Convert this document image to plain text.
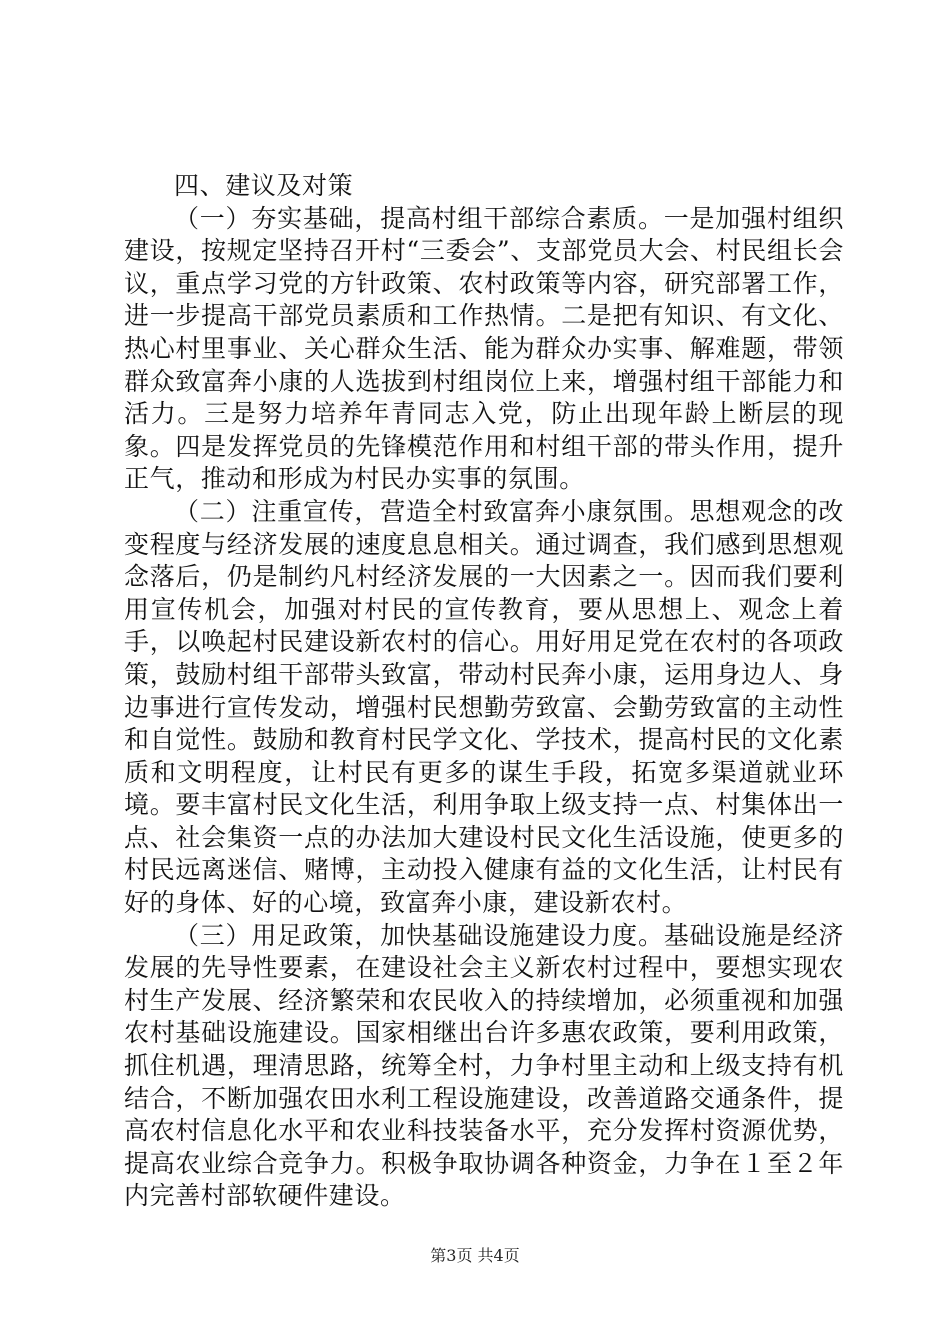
四、建议及对策

（一）夯实基础，提高村组干部综合素质。一是加强村组织建设，按规定坚持召开村“三委会”、支部党员大会、村民组长会议，重点学习党的方针政策、农村政策等内容，研究部署工作，进一步提高干部党员素质和工作热情。二是把有知识、有文化、热心村里事业、关心群众生活、能为群众办实事、解难题，带领群众致富奔小康的人选拔到村组岗位上来，增强村组干部能力和活力。三是努力培养年青同志入党，防止出现年龄上断层的现象。四是发挥党员的先锋模范作用和村组干部的带头作用，提升正气，推动和形成为村民办实事的氛围。

（二）注重宣传，营造全村致富奔小康氛围。思想观念的改变程度与经济发展的速度息息相关。通过调查，我们感到思想观念落后，仍是制约凡村经济发展的一大因素之一。因而我们要利用宣传机会，加强对村民的宣传教育，要从思想上、观念上着手，以唤起村民建设新农村的信心。用好用足党在农村的各项政策，鼓励村组干部带头致富，带动村民奔小康，运用身边人、身边事进行宣传发动，增强村民想勤劳致富、会勤劳致富的主动性和自觉性。鼓励和教育村民学文化、学技术，提高村民的文化素质和文明程度，让村民有更多的谋生手段，拓宽多渠道就业环境。要丰富村民文化生活，利用争取上级支持一点、村集体出一点、社会集资一点的办法加大建设村民文化生活设施，使更多的村民远离迷信、赌博，主动投入健康有益的文化生活，让村民有好的身体、好的心境，致富奔小康，建设新农村。

（三）用足政策，加快基础设施建设力度。基础设施是经济发展的先导性要素，在建设社会主义新农村过程中，要想实现农村生产发展、经济繁荣和农民收入的持续增加，必须重视和加强农村基础设施建设。国家相继出台许多惠农政策，要利用政策，抓住机遇，理清思路，统筹全村，力争村里主动和上级支持有机结合，不断加强农田水利工程设施建设，改善道路交通条件，提高农村信息化水平和农业科技装备水平，充分发挥村资源优势，提高农业综合竞争力。积极争取协调各种资金，力争在１至２年内完善村部软硬件建设。

第3页 共4页
